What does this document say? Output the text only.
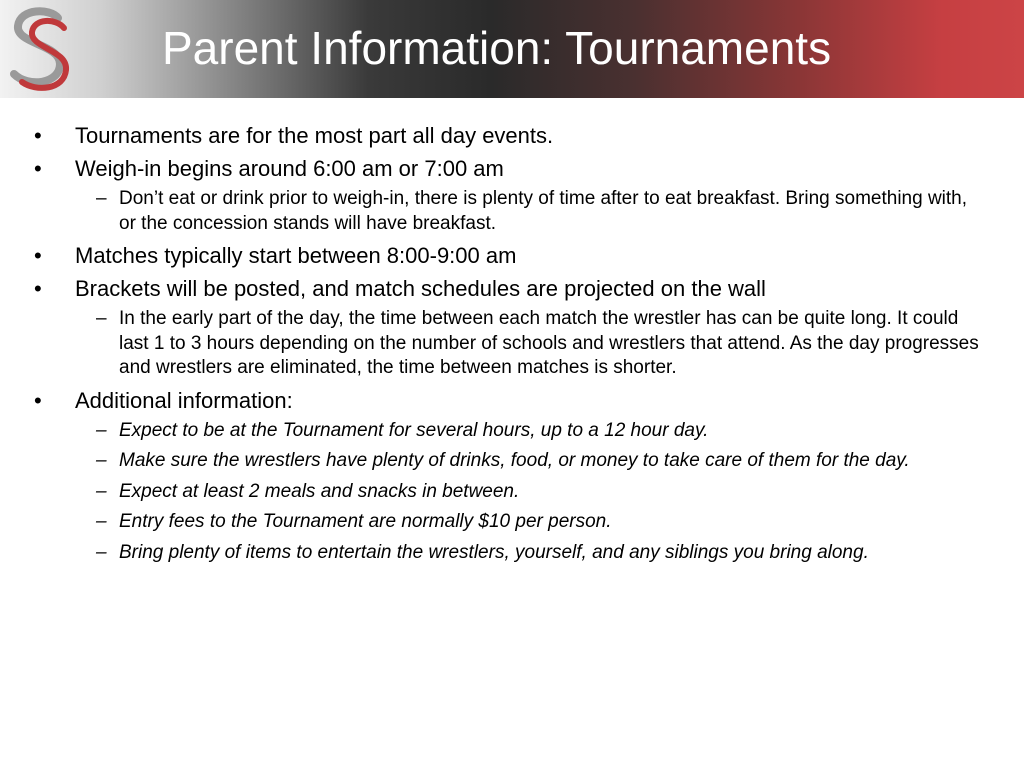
Parent Information: Tournaments
• Tournaments are for the most part all day events.
• Weigh-in begins around 6:00 am or 7:00 am
– Don’t eat or drink prior to weigh-in, there is plenty of time after to eat breakfast. Bring something with, or the concession stands will have breakfast.
• Matches typically start between 8:00-9:00 am
• Brackets will be posted, and match schedules are projected on the wall
– In the early part of the day, the time between each match the wrestler has can be quite long. It could last 1 to 3 hours depending on the number of schools and wrestlers that attend. As the day progresses and wrestlers are eliminated, the time between matches is shorter.
• Additional information:
– Expect to be at the Tournament for several hours, up to a 12 hour day.
– Make sure the wrestlers have plenty of drinks, food, or money to take care of them for the day.
– Expect at least 2 meals and snacks in between.
– Entry fees to the Tournament are normally $10 per person.
– Bring plenty of items to entertain the wrestlers, yourself, and any siblings you bring along.
